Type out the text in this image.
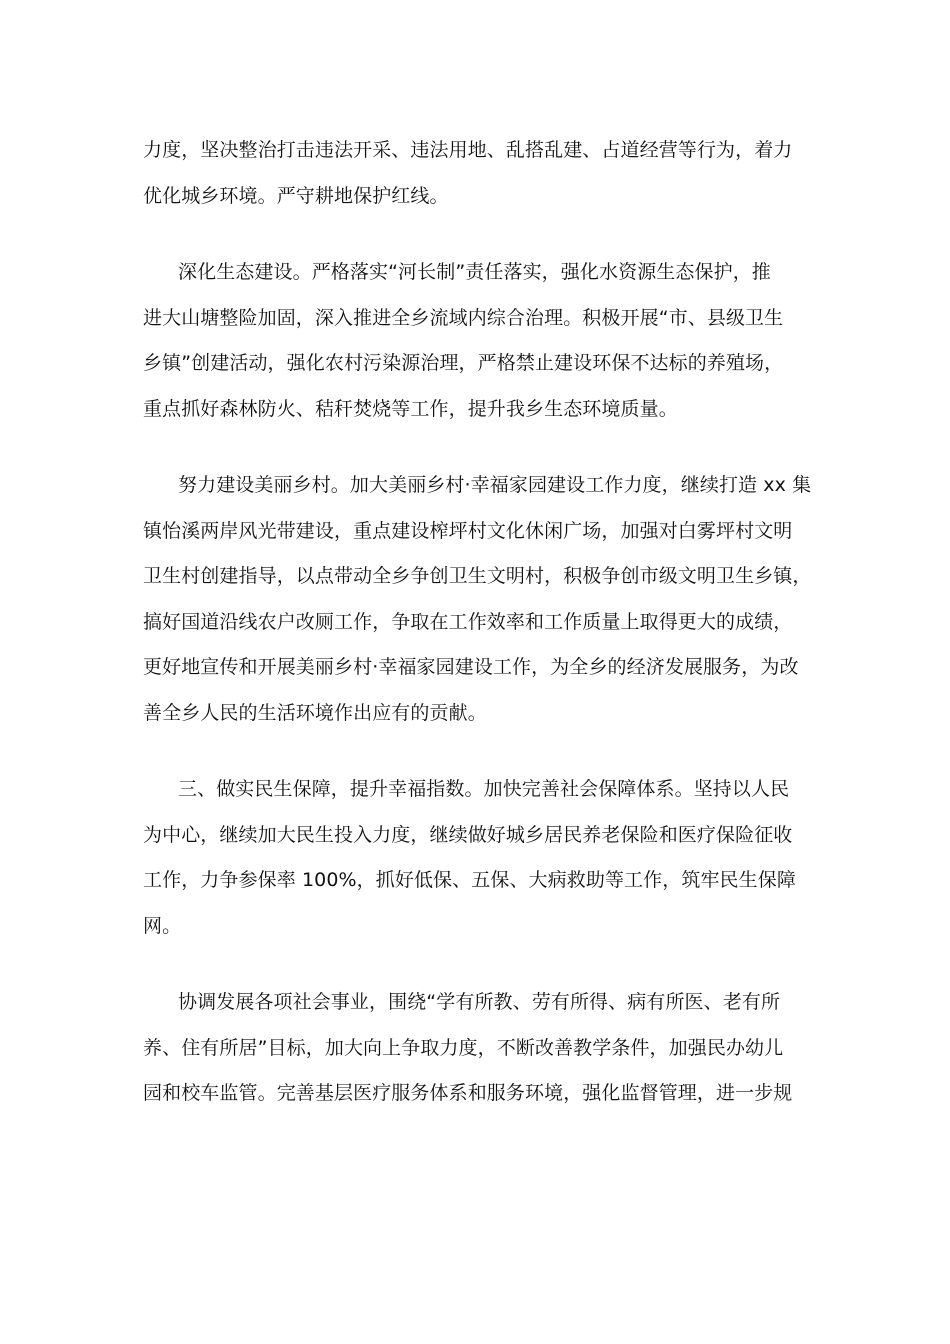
力度，坚决整治打击违法开采、违法用地、乱搭乱建、占道经营等行为，着力
优化城乡环境。严守耕地保护红线。
深化生态建设。严格落实“河长制”责任落实，强化水资源生态保护，推
进大山塘整险加固，深入推进全乡流域内综合治理。积极开展“市、县级卫生
乡镇”创建活动，强化农村污染源治理，严格禁止建设环保不达标的养殖场，
重点抓好森林防火、秸秆焚烧等工作，提升我乡生态环境质量。
努力建设美丽乡村。加大美丽乡村·幸福家园建设工作力度，继续打造 xx 集
镇怡溪两岸风光带建设，重点建设榨坪村文化休闲广场，加强对白雾坪村文明
卫生村创建指导，以点带动全乡争创卫生文明村，积极争创市级文明卫生乡镇，
搞好国道沿线农户改厕工作，争取在工作效率和工作质量上取得更大的成绩，
更好地宣传和开展美丽乡村·幸福家园建设工作，为全乡的经济发展服务，为改
善全乡人民的生活环境作出应有的贡献。
三、做实民生保障，提升幸福指数。加快完善社会保障体系。坚持以人民
为中心，继续加大民生投入力度，继续做好城乡居民养老保险和医疗保险征收
工作，力争参保率 100%，抓好低保、五保、大病救助等工作，筑牢民生保障
网。
协调发展各项社会事业，围绕“学有所教、劳有所得、病有所医、老有所
养、住有所居”目标，加大向上争取力度，不断改善教学条件，加强民办幼儿
园和校车监管。完善基层医疗服务体系和服务环境，强化监督管理，进一步规
